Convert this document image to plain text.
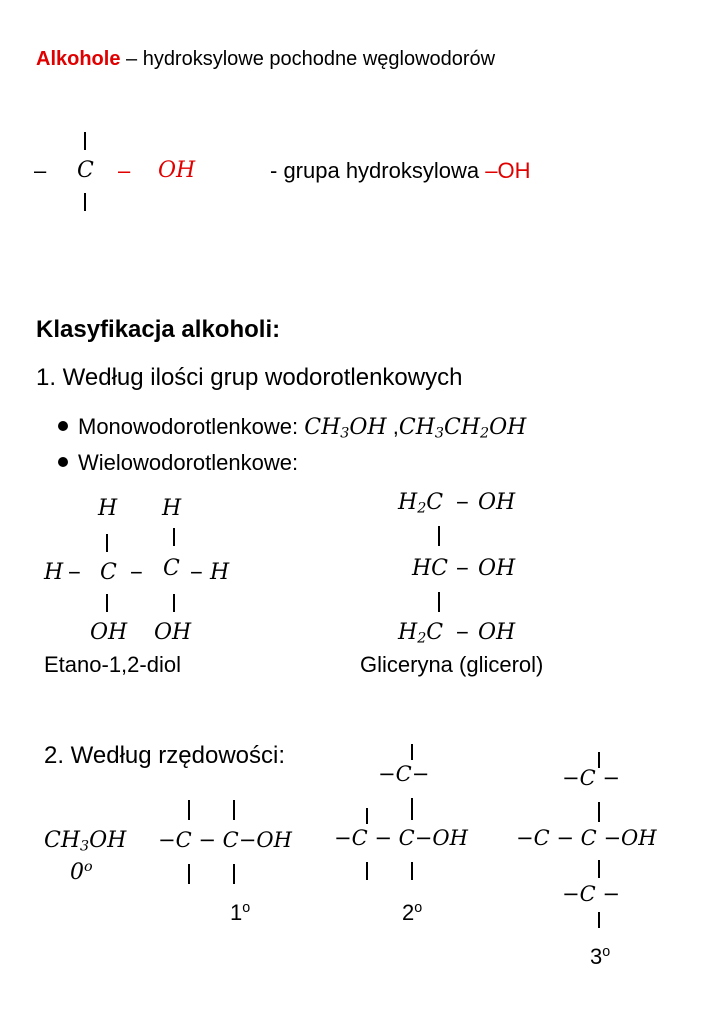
Alkohole – hydroksylowe pochodne węglowodorów
– C – OH	- grupa hydroksylowa –OH
Klasyfikacja alkoholi:
1. Według ilości grup wodorotlenkowych
Monowodorotlenkowe: $CH_3OH$ $,CH_3CH_2OH$
Wielowodorotlenkowe:
H H
H − C − C − H
OH OH
Etano-1,2-diol
$H_2C$ − OH
HC − OH
$H_2C$ − OH
Gliceryna (glicerol)
2. Według rzędowości:
$CH_3OH$
$0^o$
−C − C−OH
$1^o$
−C−
−C − C−OH
$2^o$
−C −
−C − C −OH
−C −
$3^o$
